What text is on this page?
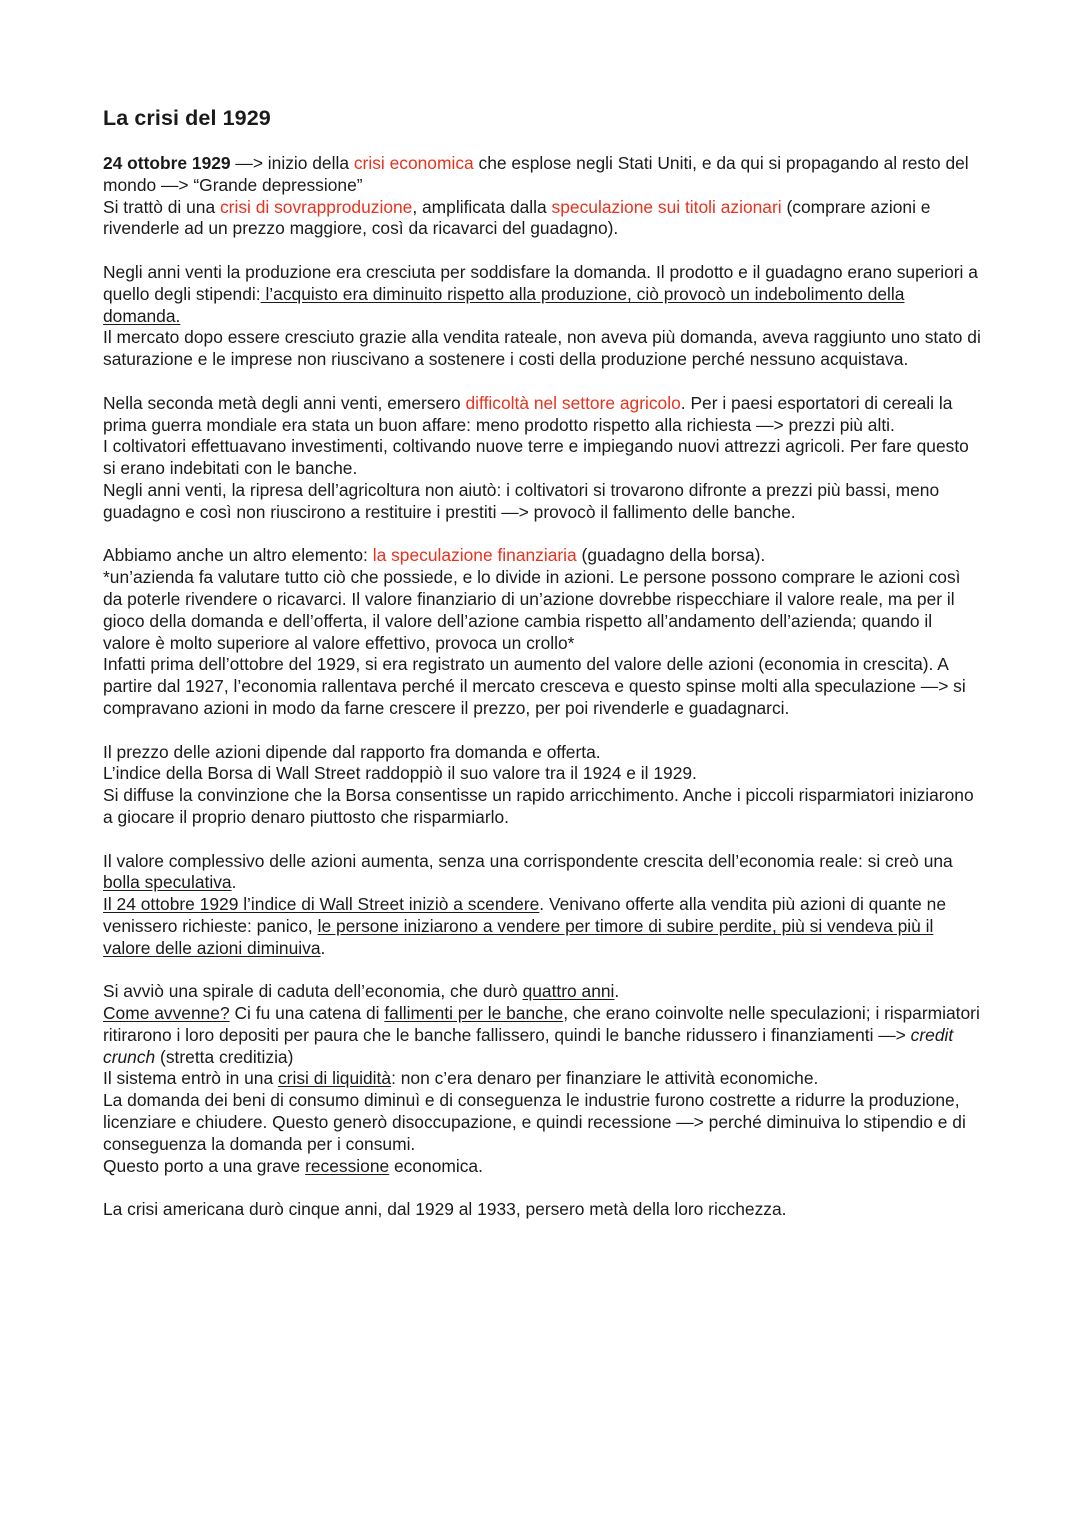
La crisi del 1929

24 ottobre 1929 —> inizio della crisi economica che esplose negli Stati Uniti, e da qui si propagando al resto del mondo —> “Grande depressione”

Si trattò di una crisi di sovrapproduzione, amplificata dalla speculazione sui titoli azionari (comprare azioni e rivenderle ad un prezzo maggiore, così da ricavarci del guadagno).

Negli anni venti la produzione era cresciuta per soddisfare la domanda. Il prodotto e il guadagno erano superiori a quello degli stipendi: l’acquisto era diminuito rispetto alla produzione, ciò provocò un indebolimento della domanda.

Il mercato dopo essere cresciuto grazie alla vendita rateale, non aveva più domanda, aveva raggiunto uno stato di saturazione e le imprese non riuscivano a sostenere i costi della produzione perché nessuno acquistava.

Nella seconda metà degli anni venti, emersero difficoltà nel settore agricolo. Per i paesi esportatori di cereali la prima guerra mondiale era stata un buon affare: meno prodotto rispetto alla richiesta —> prezzi più alti.

I coltivatori effettuavano investimenti, coltivando nuove terre e impiegando nuovi attrezzi agricoli. Per fare questo si erano indebitati con le banche.

Negli anni venti, la ripresa dell’agricoltura non aiutò: i coltivatori si trovarono difronte a prezzi più bassi, meno guadagno e così non riuscirono a restituire i prestiti —> provocò il fallimento delle banche.

Abbiamo anche un altro elemento: la speculazione finanziaria (guadagno della borsa).

*un’azienda fa valutare tutto ciò che possiede, e lo divide in azioni. Le persone possono comprare le azioni così da poterle rivendere o ricavarci. Il valore finanziario di un’azione dovrebbe rispecchiare il valore reale, ma per il gioco della domanda e dell’offerta, il valore dell’azione cambia rispetto all’andamento dell’azienda; quando il valore è molto superiore al valore effettivo, provoca un crollo*

Infatti prima dell’ottobre del 1929, si era registrato un aumento del valore delle azioni (economia in crescita). A partire dal 1927, l’economia rallentava perché il mercato cresceva e questo spinse molti alla speculazione —> si compravano azioni in modo da farne crescere il prezzo, per poi rivenderle e guadagnarci.

Il prezzo delle azioni dipende dal rapporto fra domanda e offerta.

L’indice della Borsa di Wall Street raddoppiò il suo valore tra il 1924 e il 1929.

Si diffuse la convinzione che la Borsa consentisse un rapido arricchimento. Anche i piccoli risparmiatori iniziarono a giocare il proprio denaro piuttosto che risparmiarlo.

Il valore complessivo delle azioni aumenta, senza una corrispondente crescita dell’economia reale: si creò una bolla speculativa.

Il 24 ottobre 1929 l’indice di Wall Street iniziò a scendere. Venivano offerte alla vendita più azioni di quante ne venissero richieste: panico, le persone iniziarono a vendere per timore di subire perdite, più si vendeva più il valore delle azioni diminuiva.

Si avviò una spirale di caduta dell’economia, che durò quattro anni.

Come avvenne? Ci fu una catena di fallimenti per le banche, che erano coinvolte nelle speculazioni; i risparmiatori ritirarono i loro depositi per paura che le banche fallissero, quindi le banche ridussero i finanziamenti —> credit crunch (stretta creditizia)

Il sistema entrò in una crisi di liquidità: non c’era denaro per finanziare le attività economiche.

La domanda dei beni di consumo diminuì e di conseguenza le industrie furono costrette a ridurre la produzione, licenziare e chiudere. Questo generò disoccupazione, e quindi recessione —> perché diminuiva lo stipendio e di conseguenza la domanda per i consumi.

Questo porto a una grave recessione economica.

La crisi americana durò cinque anni, dal 1929 al 1933, persero metà della loro ricchezza.
